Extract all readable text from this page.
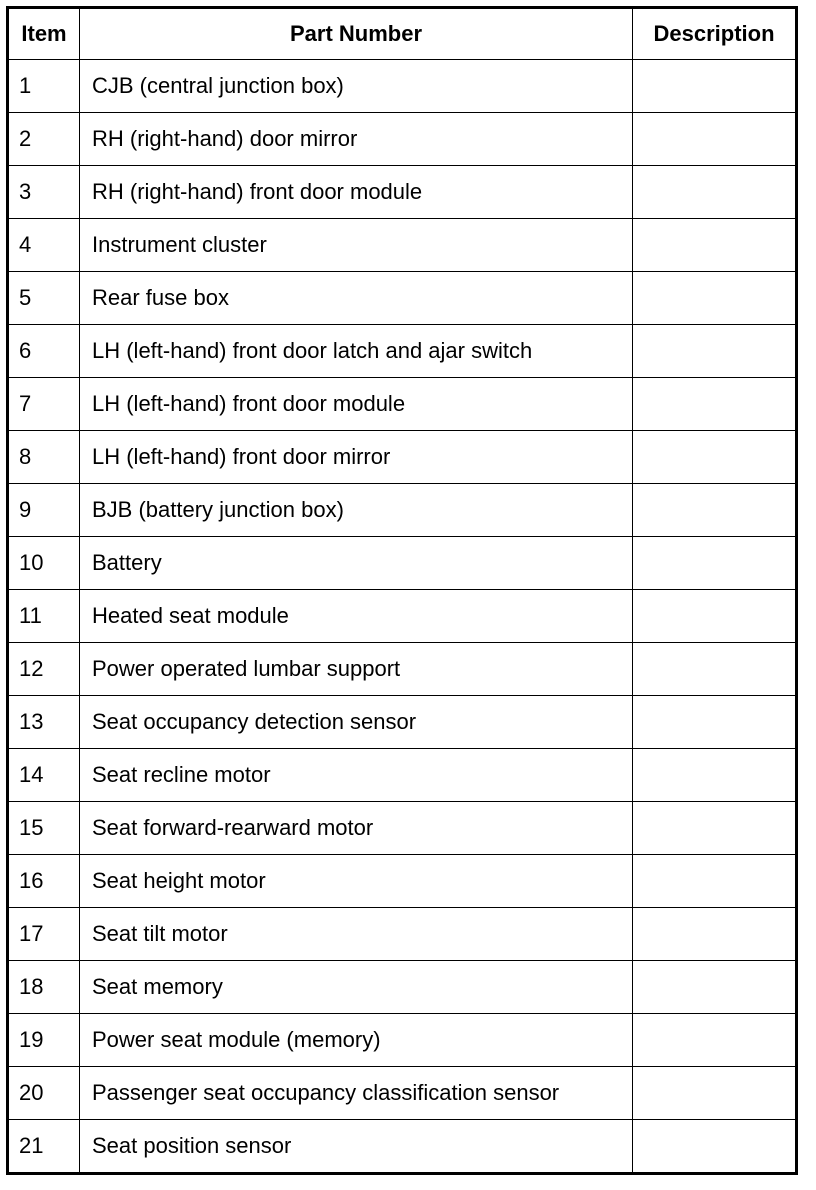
Item	Part Number	Description
1	CJB (central junction box)	
2	RH (right-hand) door mirror	
3	RH (right-hand) front door module	
4	Instrument cluster	
5	Rear fuse box	
6	LH (left-hand) front door latch and ajar switch	
7	LH (left-hand) front door module	
8	LH (left-hand) front door mirror	
9	BJB (battery junction box)	
10	Battery	
11	Heated seat module	
12	Power operated lumbar support	
13	Seat occupancy detection sensor	
14	Seat recline motor	
15	Seat forward-rearward motor	
16	Seat height motor	
17	Seat tilt motor	
18	Seat memory	
19	Power seat module (memory)	
20	Passenger seat occupancy classification sensor	
21	Seat position sensor	
